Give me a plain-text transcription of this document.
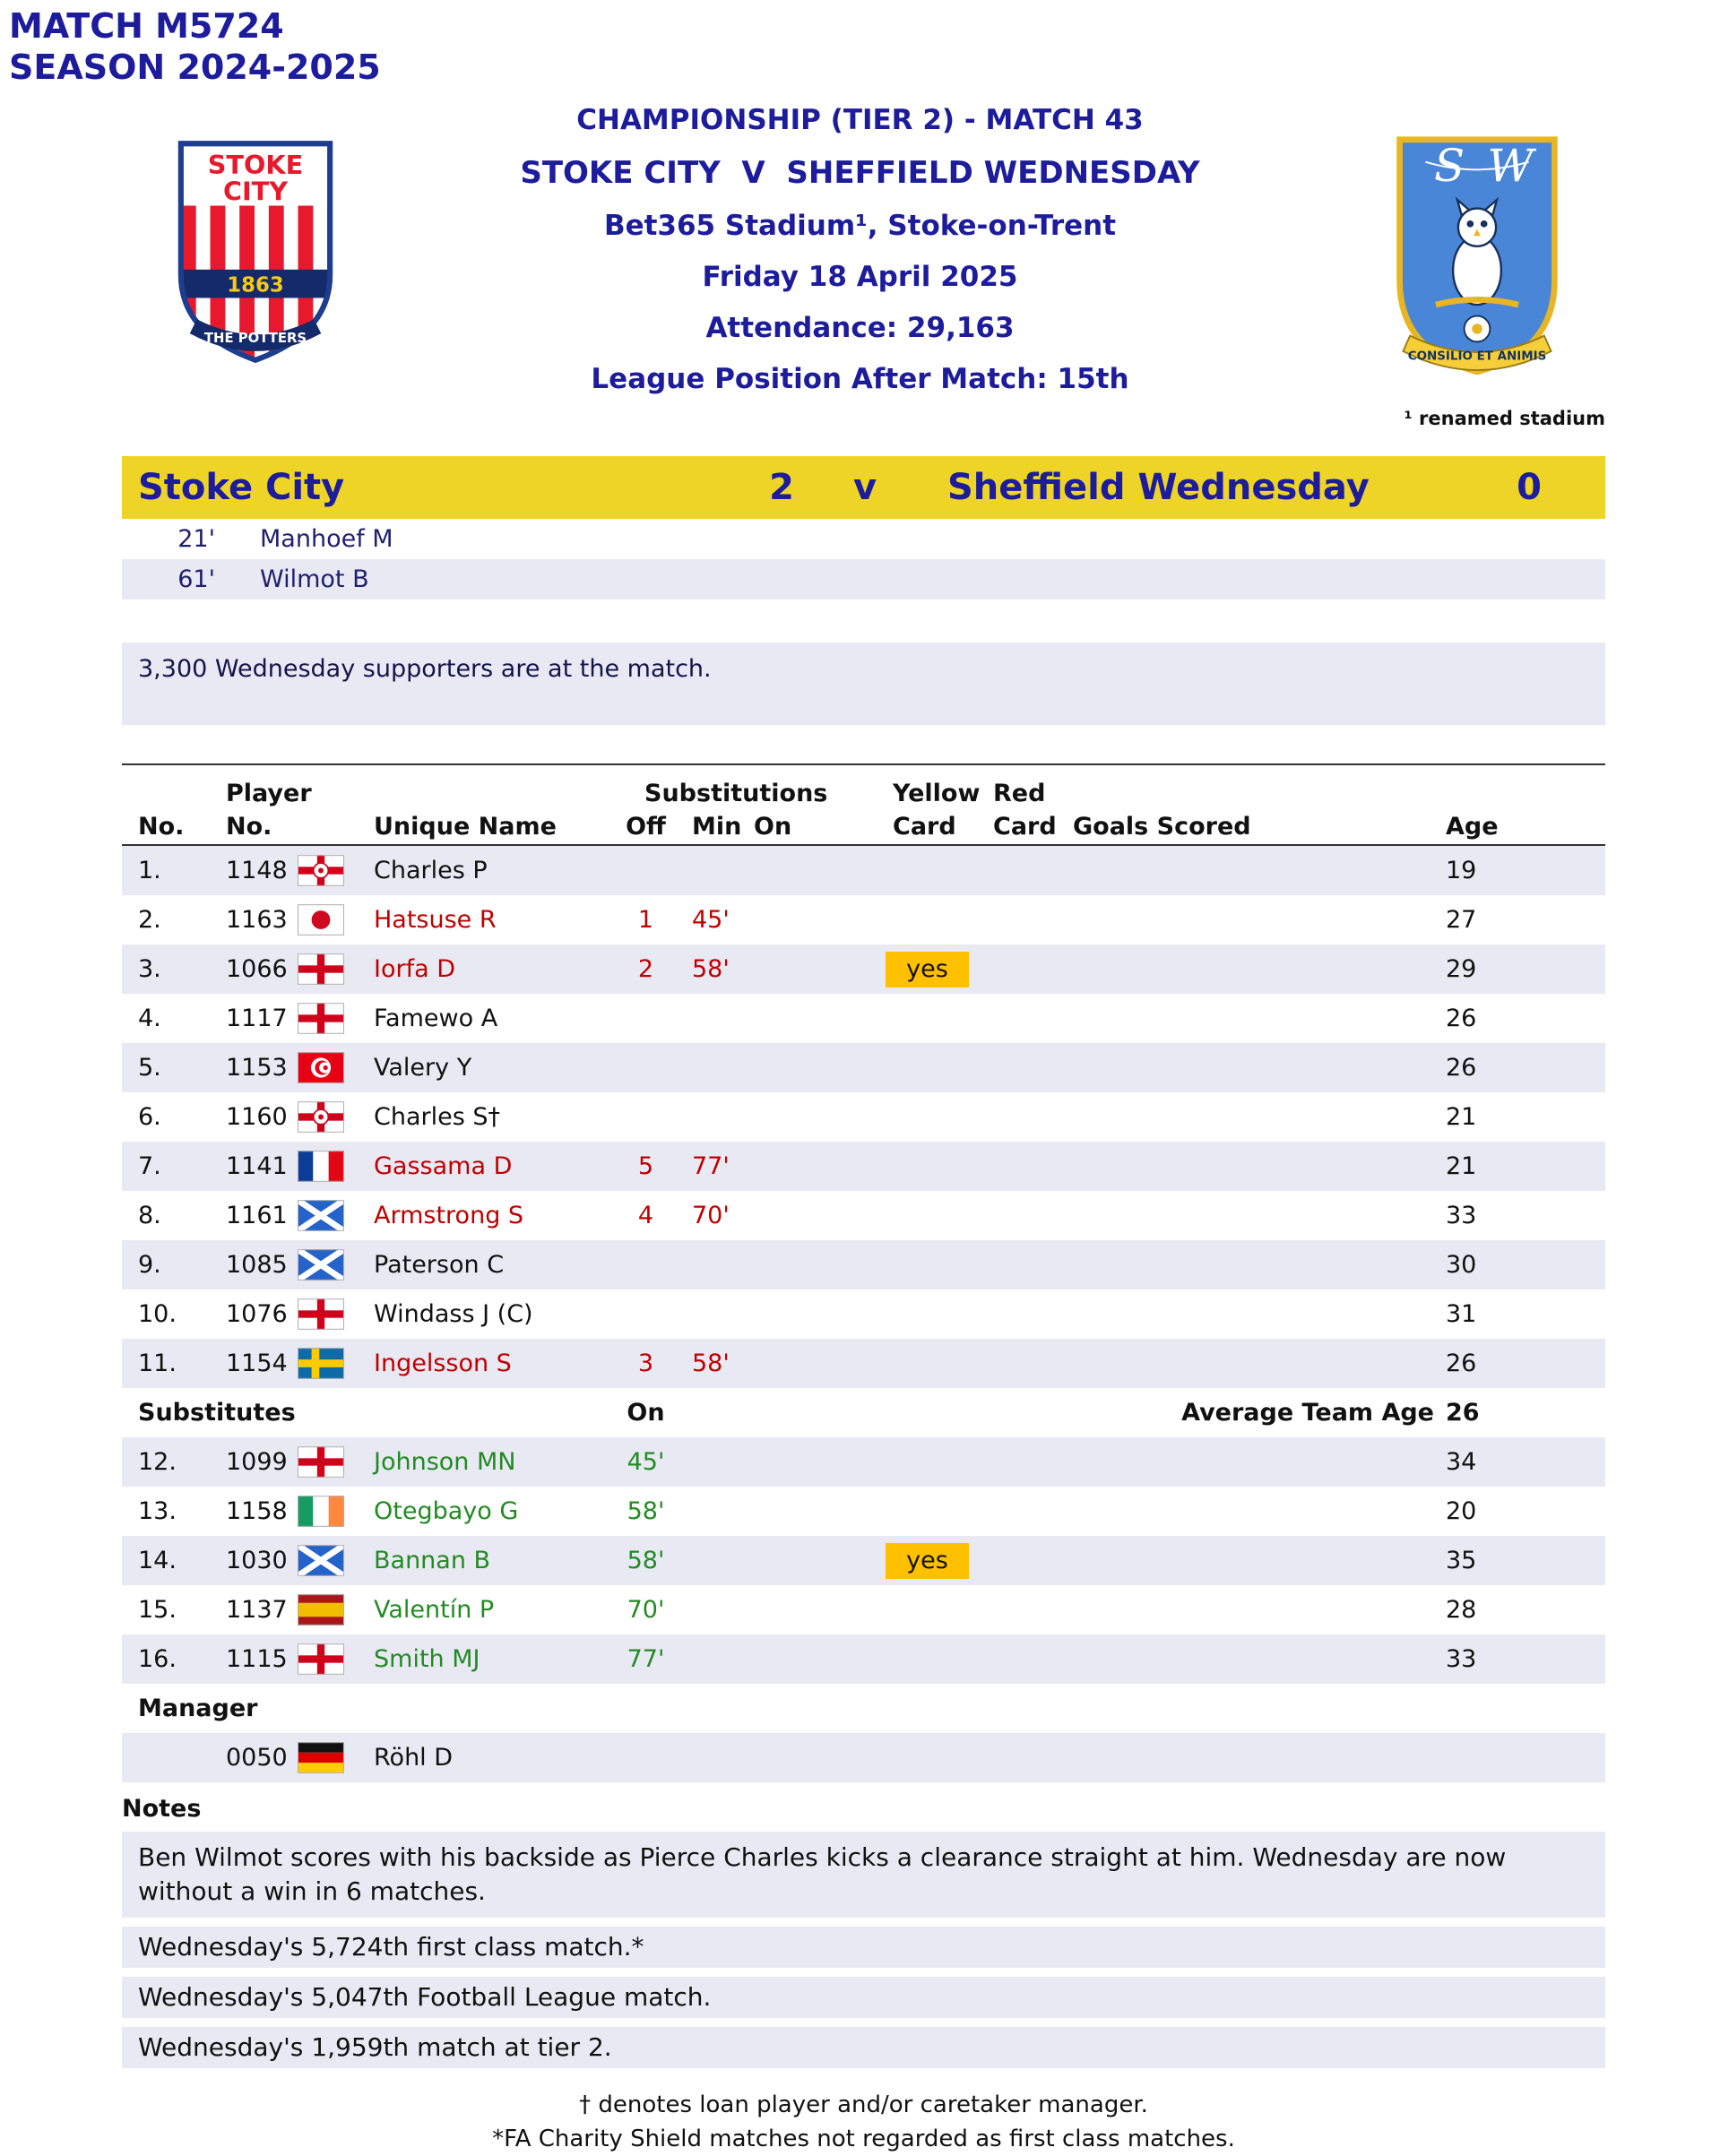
MATCH M5724
SEASON 2024-2025
STOKE
CITY
1863
THE POTTERS
CHAMPIONSHIP (TIER 2) - MATCH 43
STOKE CITY  V  SHEFFIELD WEDNESDAY
Bet365 Stadium¹, Stoke-on-Trent
Friday 18 April 2025
Attendance: 29,163
League Position After Match: 15th
S W
CONSILIO ET ANIMIS
¹ renamed stadium
Stoke City	2	v	Sheffield Wednesday	0
21'	Manhoef M
61'	Wilmot B
3,300 Wednesday supporters are at the match.
Player	Substitutions	Yellow Red
No.	No.	Unique Name	Off	Min On	Card	Card Goals Scored	Age
1.	1148	Charles P	19
2.	1163	Hatsuse R	1	45'	27
3.	1066	Iorfa D	2	58'	yes	29
4.	1117	Famewo A	26
5.	1153	Valery Y	26
6.	1160	Charles S†	21
7.	1141	Gassama D	5	77'	21
8.	1161	Armstrong S	4	70'	33
9.	1085	Paterson C	30
10.	1076	Windass J (C)	31
11.	1154	Ingelsson S	3	58'	26
Substitutes	On	Average Team Age 26
12.	1099	Johnson MN	45'	34
13.	1158	Otegbayo G	58'	20
14.	1030	Bannan B	58'	yes	35
15.	1137	Valentín P	70'	28
16.	1115	Smith MJ	77'	33
Manager
0050	Röhl D
Notes
Ben Wilmot scores with his backside as Pierce Charles kicks a clearance straight at him. Wednesday are now without a win in 6 matches.
Wednesday's 5,724th first class match.*
Wednesday's 5,047th Football League match.
Wednesday's 1,959th match at tier 2.
† denotes loan player and/or caretaker manager.
*FA Charity Shield matches not regarded as first class matches.
